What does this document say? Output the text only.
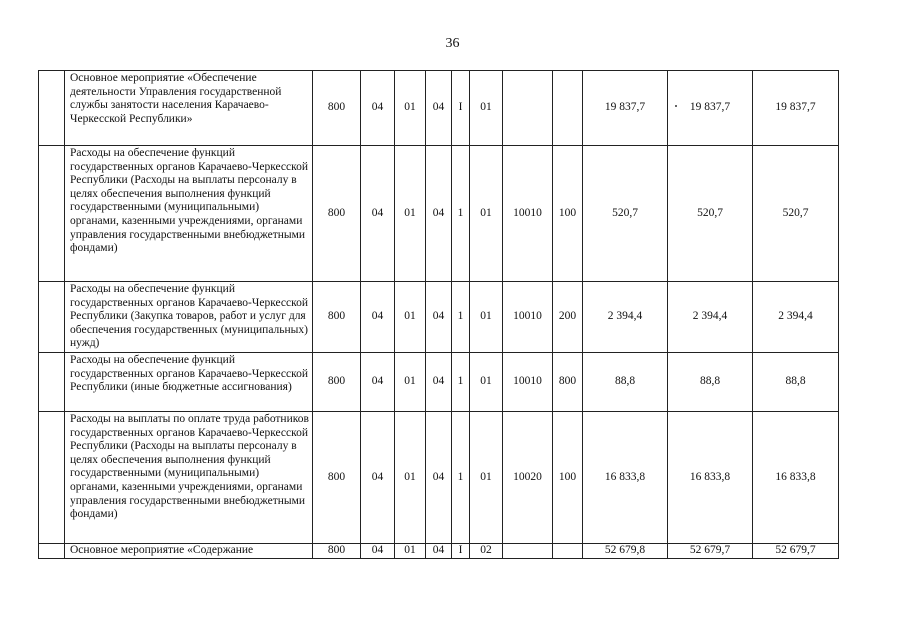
36
	Основное мероприятие «Обеспечение деятельности Управления государственной службы занятости населения Карачаево-Черкесской Республики»	800	04	01	04	I	01			19 837,7	19 837,7	19 837,7
	Расходы на обеспечение функций государственных органов Карачаево-Черкесской Республики (Расходы на выплаты персоналу в целях обеспечения выполнения функций государственными (муниципальными) органами, казенными учреждениями, органами управления государственными внебюджетными фондами)	800	04	01	04	1	01	10010	100	520,7	520,7	520,7
	Расходы на обеспечение функций государственных органов Карачаево-Черкесской Республики (Закупка товаров, работ и услуг для обеспечения государственных (муниципальных) нужд)	800	04	01	04	1	01	10010	200	2 394,4	2 394,4	2 394,4
	Расходы на обеспечение функций государственных органов Карачаево-Черкесской Республики (иные бюджетные ассигнования)	800	04	01	04	1	01	10010	800	88,8	88,8	88,8
	Расходы на выплаты по оплате труда работников государственных органов Карачаево-Черкесской Республики (Расходы на выплаты персоналу в целях обеспечения выполнения функций государственными (муниципальными) органами, казенными учреждениями, органами управления государственными внебюджетными фондами)	800	04	01	04	1	01	10020	100	16 833,8	16 833,8	16 833,8
	Основное мероприятие «Содержание	800	04	01	04	I	02			52 679,8	52 679,7	52 679,7
